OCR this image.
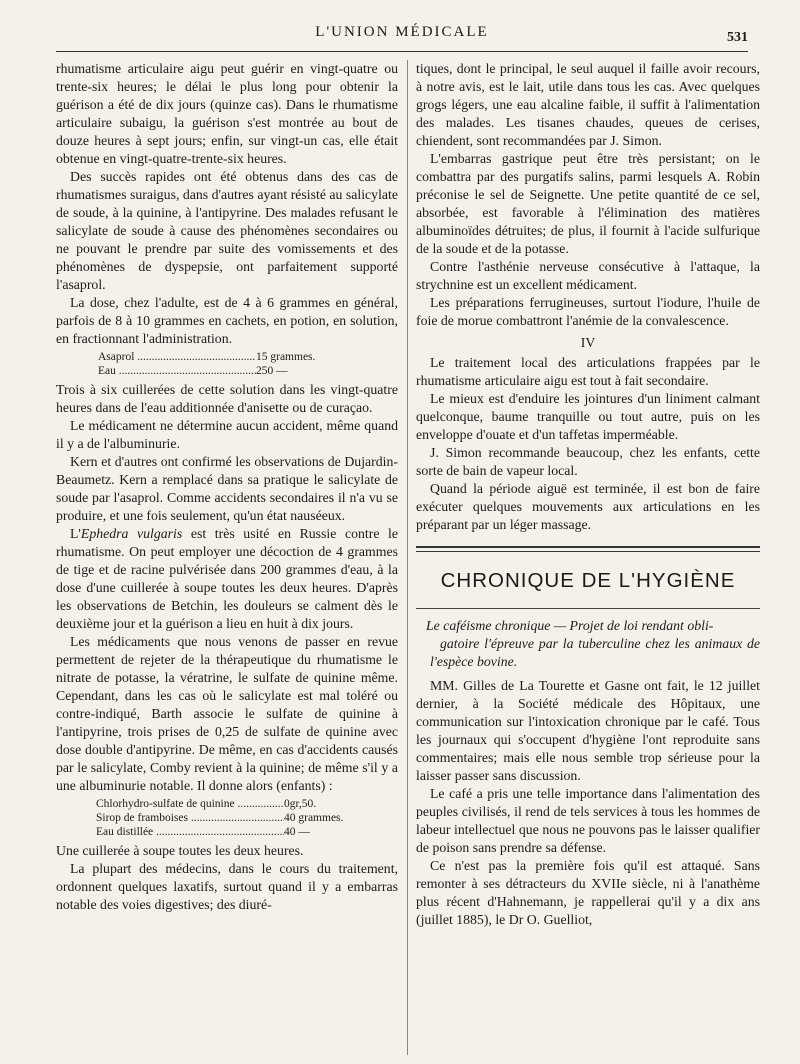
L'UNION MÉDICALE	531

rhumatisme articulaire aigu peut guérir en vingt-quatre ou trente-six heures; le délai le plus long pour obtenir la guérison a été de dix jours (quinze cas). Dans le rhumatisme articulaire subaigu, la guérison s'est montrée au bout de douze heures à sept jours; enfin, sur vingt-un cas, elle était obtenue en vingt-quatre-trente-six heures.

Des succès rapides ont été obtenus dans des cas de rhumatismes suraigus, dans d'autres ayant résisté au salicylate de soude, à la quinine, à l'antipyrine. Des malades refusant le salicylate de soude à cause des phénomènes secondaires ou ne pouvant le prendre par suite des vomissements et des phénomènes de dyspepsie, ont parfaitement supporté l'asaprol.

La dose, chez l'adulte, est de 4 à 6 grammes en général, parfois de 8 à 10 grammes en cachets, en potion, en solution, en fractionnant l'administration.

Asaprol .....	15 grammes.
Eau .....	250 —

Trois à six cuillerées de cette solution dans les vingt-quatre heures dans de l'eau additionnée d'anisette ou de curaçao.

Le médicament ne détermine aucun accident, même quand il y a de l'albuminurie.

Kern et d'autres ont confirmé les observations de Dujardin-Beaumetz. Kern a remplacé dans sa pratique le salicylate de soude par l'asaprol. Comme accidents secondaires il n'a vu se produire, et une fois seulement, qu'un état nauséeux.

L'Ephedra vulgaris est très usité en Russie contre le rhumatisme. On peut employer une décoction de 4 grammes de tige et de racine pulvérisée dans 200 grammes d'eau, à la dose d'une cuillerée à soupe toutes les deux heures. D'après les observations de Betchin, les douleurs se calment dès le deuxième jour et la guérison a lieu en huit à dix jours.

Les médicaments que nous venons de passer en revue permettent de rejeter de la thérapeutique du rhumatisme le nitrate de potasse, la vératrine, le sulfate de quinine même. Cependant, dans les cas où le salicylate est mal toléré ou contre-indiqué, Barth associe le sulfate de quinine à l'antipyrine, trois prises de 0,25 de sulfate de quinine avec dose double d'antipyrine. De même, en cas d'accidents causés par le salicylate, Comby revient à la quinine; de même s'il y a une albuminurie notable. Il donne alors (enfants) :

Chlorhydro-sulfate de quinine .....	0gr,50.
Sirop de framboises .....	40 grammes.
Eau distillée .....	40 —

Une cuillerée à soupe toutes les deux heures.

La plupart des médecins, dans le cours du traitement, ordonnent quelques laxatifs, surtout quand il y a embarras notable des voies digestives; des diuré-

tiques, dont le principal, le seul auquel il faille avoir recours, à notre avis, est le lait, utile dans tous les cas. Avec quelques grogs légers, une eau alcaline faible, il suffit à l'alimentation des malades. Les tisanes chaudes, queues de cerises, chiendent, sont recommandées par J. Simon.

L'embarras gastrique peut être très persistant; on le combattra par des purgatifs salins, parmi lesquels A. Robin préconise le sel de Seignette. Une petite quantité de ce sel, absorbée, est favorable à l'élimination des matières albuminoïdes détruites; de plus, il fournit à l'acide sulfurique de la soude et de la potasse.

Contre l'asthénie nerveuse consécutive à l'attaque, la strychnine est un excellent médicament.

Les préparations ferrugineuses, surtout l'iodure, l'huile de foie de morue combattront l'anémie de la convalescence.

IV

Le traitement local des articulations frappées par le rhumatisme articulaire aigu est tout à fait secondaire.

Le mieux est d'enduire les jointures d'un liniment calmant quelconque, baume tranquille ou tout autre, puis on les enveloppe d'ouate et d'un taffetas imperméable.

J. Simon recommande beaucoup, chez les enfants, cette sorte de bain de vapeur local.

Quand la période aiguë est terminée, il est bon de faire exécuter quelques mouvements aux articulations en les préparant par un léger massage.

CHRONIQUE DE L'HYGIÈNE
Le caféisme chronique — Projet de loi rendant obli-
gatoire l'épreuve par la tuberculine chez les animaux de l'espèce bovine.

MM. Gilles de La Tourette et Gasne ont fait, le 12 juillet dernier, à la Société médicale des Hôpitaux, une communication sur l'intoxication chronique par le café. Tous les journaux qui s'occupent d'hygiène l'ont reproduite sans commentaires; mais elle nous semble trop sérieuse pour la laisser passer sans discussion.

Le café a pris une telle importance dans l'alimentation des peuples civilisés, il rend de tels services à tous les hommes de labeur intellectuel que nous ne pouvons pas le laisser qualifier de poison sans prendre sa défense.

Ce n'est pas la première fois qu'il est attaqué. Sans remonter à ses détracteurs du XVIIe siècle, ni à l'anathème plus récent d'Hahnemann, je rappellerai qu'il y a dix ans (juillet 1885), le Dr O. Guelliot,
